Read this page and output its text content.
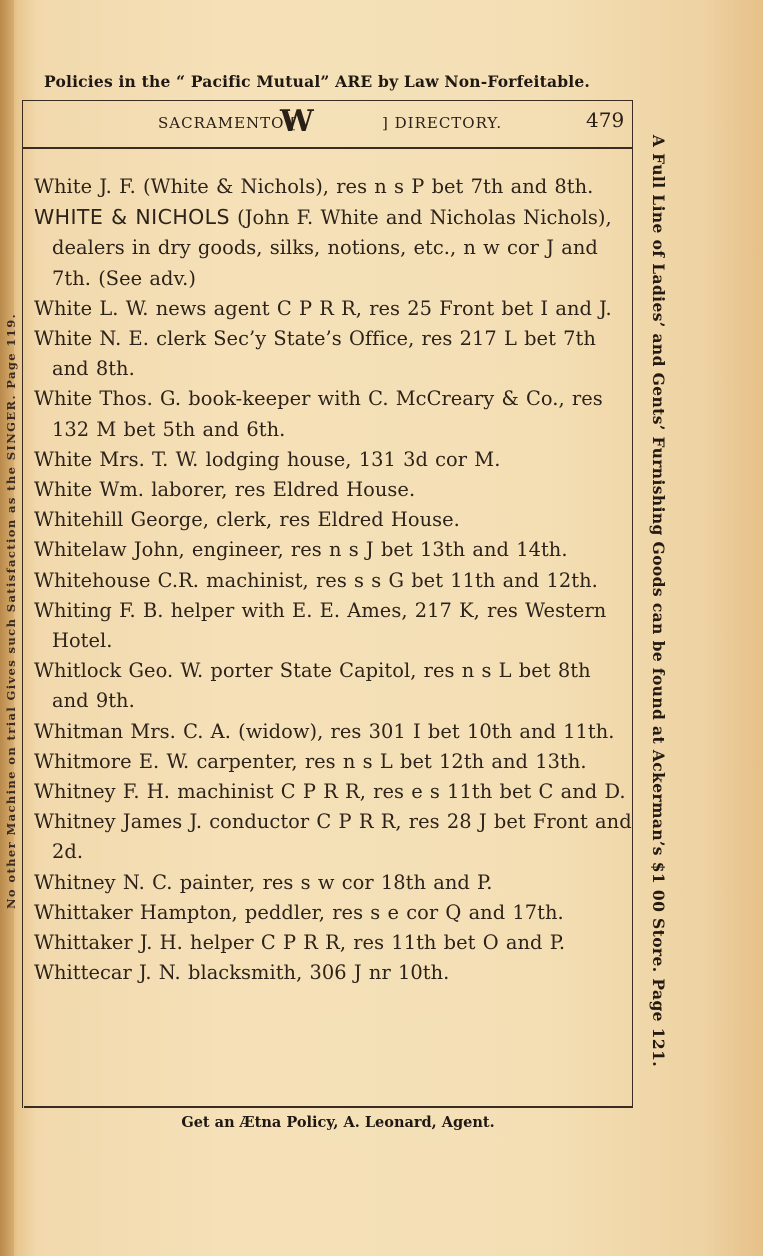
Policies in the “ Pacific Mutual” ARE by Law Non-Forfeitable.
SACRAMENTO [
W	] DIRECTORY.	479
White J. F. (White & Nichols), res n s P bet 7th and 8th.
WHITE & NICHOLS (John F. White and Nicholas Nichols), dealers in dry goods, silks, notions, etc., n w cor J and 7th. (See adv.)
White L. W. news agent C P R R, res 25 Front bet I and J.
White N. E. clerk Sec’y State’s Office, res 217 L bet 7th and 8th.
White Thos. G. book-keeper with C. McCreary & Co., res 132 M bet 5th and 6th.
White Mrs. T. W. lodging house, 131 3d cor M.
White Wm. laborer, res Eldred House.
Whitehill George, clerk, res Eldred House.
Whitelaw John, engineer, res n s J bet 13th and 14th.
Whitehouse C.R. machinist, res s s G bet 11th and 12th.
Whiting F. B. helper with E. E. Ames, 217 K, res Western Hotel.
Whitlock Geo. W. porter State Capitol, res n s L bet 8th and 9th.
Whitman Mrs. C. A. (widow), res 301 I bet 10th and 11th.
Whitmore E. W. carpenter, res n s L bet 12th and 13th.
Whitney F. H. machinist C P R R, res e s 11th bet C and D.
Whitney James J. conductor C P R R, res 28 J bet Front and 2d.
Whitney N. C. painter, res s w cor 18th and P.
Whittaker Hampton, peddler, res s e cor Q and 17th.
Whittaker J. H. helper C P R R, res 11th bet O and P.
Whittecar J. N. blacksmith, 306 J nr 10th.
No other Machine on trial Gives such Satisfaction as the SINGER. Page 119.	A Full Line of Ladies’ and Gents’ Furnishing Goods can be found at Ackerman’s $1 00 Store. Page 121.
Get an Ætna Policy, A. Leonard, Agent.
